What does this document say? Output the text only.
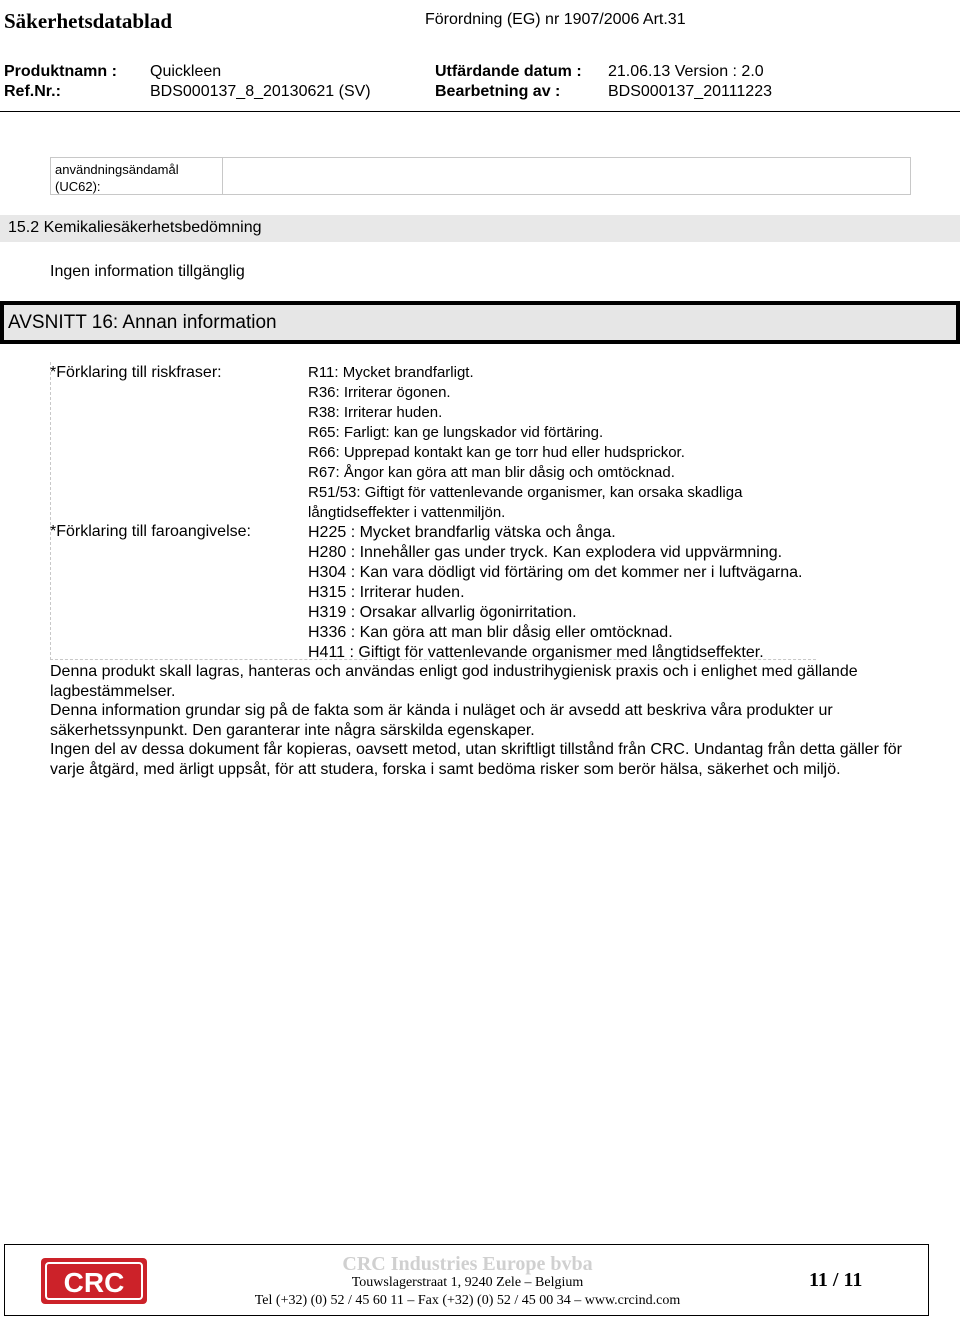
Säkerhetsdatablad	Förordning (EG) nr 1907/2006 Art.31
Produktnamn : Quickleen	Utfärdande datum : 21.06.13 Version : 2.0
Ref.Nr.:	BDS000137_8_20130621 (SV)	Bearbetning av :	BDS000137_20111223
användningsändamål
(UC62):
15.2 Kemikaliesäkerhetsbedömning
Ingen information tillgänglig
AVSNITT 16: Annan information
*Förklaring till riskfraser:	R11: Mycket brandfarligt.
R36: Irriterar ögonen.
R38: Irriterar huden.
R65: Farligt: kan ge lungskador vid förtäring.
R66: Upprepad kontakt kan ge torr hud eller hudsprickor.
R67: Ångor kan göra att man blir dåsig och omtöcknad.
R51/53: Giftigt för vattenlevande organismer, kan orsaka skadliga
långtidseffekter i vattenmiljön.
*Förklaring till faroangivelse:	H225 : Mycket brandfarlig vätska och ånga.
H280 : Innehåller gas under tryck. Kan explodera vid uppvärmning.
H304 : Kan vara dödligt vid förtäring om det kommer ner i luftvägarna.
H315 : Irriterar huden.
H319 : Orsakar allvarlig ögonirritation.
H336 : Kan göra att man blir dåsig eller omtöcknad.
H411 : Giftigt för vattenlevande organismer med långtidseffekter.

Denna produkt skall lagras, hanteras och användas enligt god industrihygienisk praxis och i enlighet med gällande lagbestämmelser.

Denna information grundar sig på de fakta som är kända i nuläget och är avsedd att beskriva våra produkter ur säkerhetssynpunkt. Den garanterar inte några särskilda egenskaper.

Ingen del av dessa dokument får kopieras, oavsett metod, utan skriftligt tillstånd från CRC. Undantag från detta gäller för varje åtgärd, med ärligt uppsåt, för att studera, forska i samt bedöma risker som berör hälsa, säkerhet och miljö.

CRC
CRC Industries Europe bvba
Touwslagerstraat 1, 9240 Zele – Belgium
Tel (+32) (0) 52 / 45 60 11 – Fax (+32) (0) 52 / 45 00 34 – www.crcind.com
11 / 11
